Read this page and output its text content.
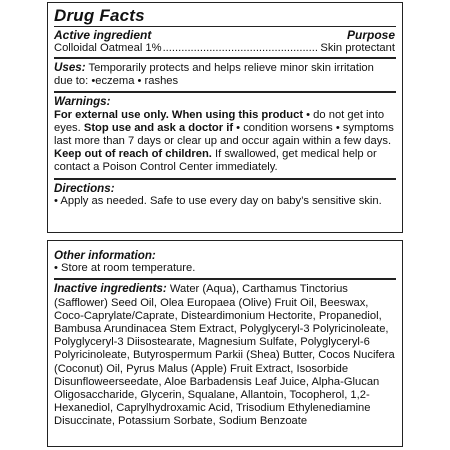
Drug Facts
Active ingredient	Purpose
Colloidal Oatmeal 1%
.....	Skin protectant
Uses: Temporarily protects and helps relieve minor skin irritation due to: •eczema • rashes
Warnings:
For external use only. When using this product • do not get into eyes. Stop use and ask a doctor if • condition worsens • symptoms last more than 7 days or clear up and occur again within a few days. Keep out of reach of children. If swallowed, get medical help or contact a Poison Control Center immediately.
Directions:
• Apply as needed. Safe to use every day on baby’s sensitive skin.
Other information:
• Store at room temperature.
Inactive ingredients: Water (Aqua), Carthamus Tinctorius (Safflower) Seed Oil, Olea Europaea (Olive) Fruit Oil, Beeswax, Coco-Caprylate/Caprate, Disteardimonium Hectorite, Propanediol, Bambusa Arundinacea Stem Extract, Polyglyceryl-3 Polyricinoleate, Polyglyceryl-3 Diisostearate, Magnesium Sulfate, Polyglyceryl-6 Polyricinoleate, Butyrospermum Parkii (Shea) Butter, Cocos Nucifera (Coconut) Oil, Pyrus Malus (Apple) Fruit Extract, Isosorbide Disunfloweerseedate, Aloe Barbadensis Leaf Juice, Alpha-Glucan Oligosaccharide, Glycerin, Squalane, Allantoin, Tocopherol, 1,2-Hexanediol, Caprylhydroxamic Acid, Trisodium Ethylenediamine Disuccinate, Potassium Sorbate, Sodium Benzoate
